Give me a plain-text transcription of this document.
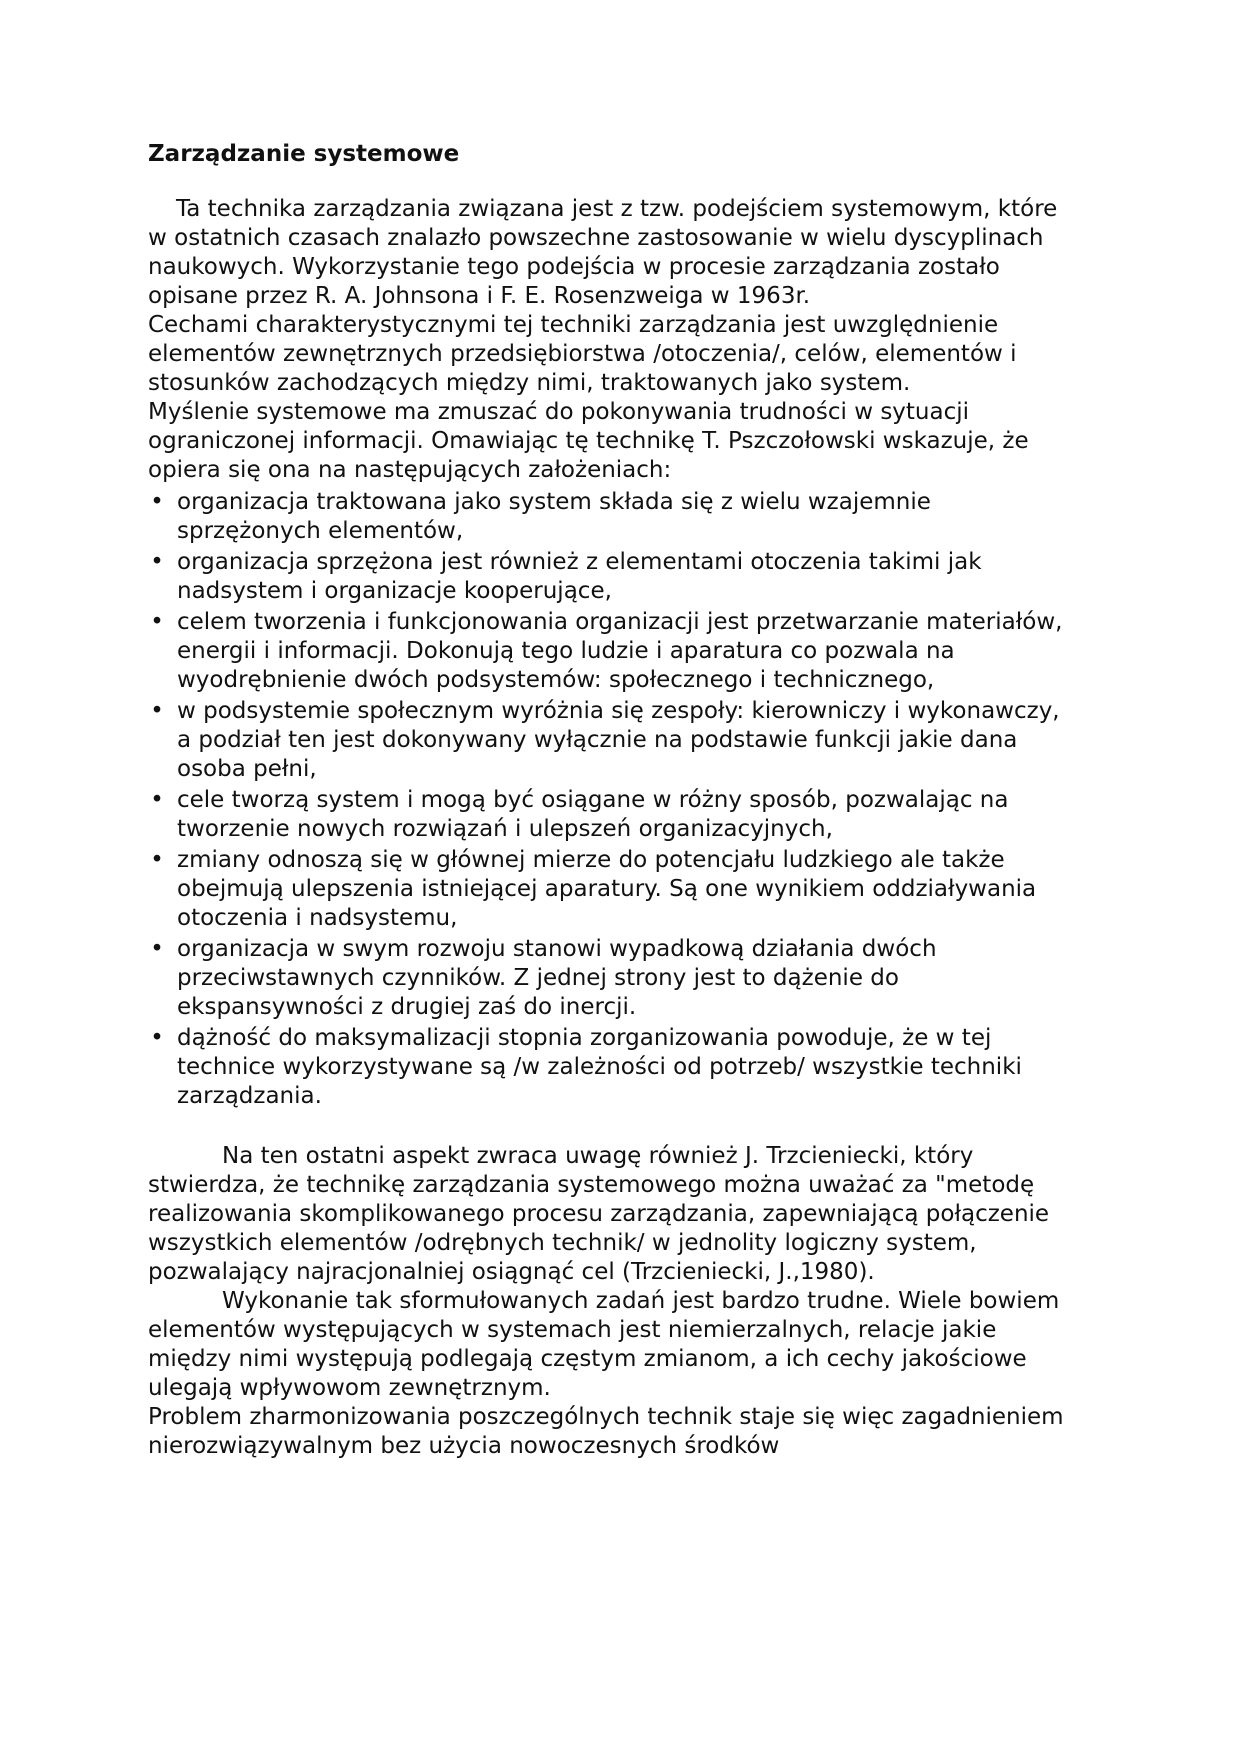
Zarządzanie systemowe

Ta technika zarządzania związana jest z tzw. podejściem systemowym, które w ostatnich czasach znalazło powszechne zastosowanie w wielu dyscyplinach naukowych. Wykorzystanie tego podejścia w procesie zarządzania zostało opisane przez R. A. Johnsona i F. E. Rosenzweiga w 1963r.

Cechami charakterystycznymi tej techniki zarządzania jest uwzględnienie elementów zewnętrznych przedsiębiorstwa /otoczenia/, celów, elementów i stosunków zachodzących między nimi, traktowanych jako system.

Myślenie systemowe ma zmuszać do pokonywania trudności w sytuacji ograniczonej informacji. Omawiając tę technikę T. Pszczołowski wskazuje, że opiera się ona na następujących założeniach:

• organizacja traktowana jako system składa się z wielu wzajemnie sprzężonych elementów,
• organizacja sprzężona jest również z elementami otoczenia takimi jak nadsystem i organizacje kooperujące,
• celem tworzenia i funkcjonowania organizacji jest przetwarzanie materiałów, energii i informacji. Dokonują tego ludzie i aparatura co pozwala na wyodrębnienie dwóch podsystemów: społecznego i technicznego,
• w podsystemie społecznym wyróżnia się zespoły: kierowniczy i wykonawczy, a podział ten jest dokonywany wyłącznie na podstawie funkcji jakie dana osoba pełni,
• cele tworzą system i mogą być osiągane w różny sposób, pozwalając na tworzenie nowych rozwiązań i ulepszeń organizacyjnych,
• zmiany odnoszą się w głównej mierze do potencjału ludzkiego ale także obejmują ulepszenia istniejącej aparatury. Są one wynikiem oddziaływania otoczenia i nadsystemu,
• organizacja w swym rozwoju stanowi wypadkową działania dwóch przeciwstawnych czynników. Z jednej strony jest to dążenie do ekspansywności z drugiej zaś do inercji.
• dążność do maksymalizacji stopnia zorganizowania powoduje, że w tej technice wykorzystywane są /w zależności od potrzeb/ wszystkie techniki zarządzania.

Na ten ostatni aspekt zwraca uwagę również J. Trzcieniecki, który stwierdza, że technikę zarządzania systemowego można uważać za "metodę realizowania skomplikowanego procesu zarządzania, zapewniającą połączenie wszystkich elementów /odrębnych technik/ w jednolity logiczny system, pozwalający najracjonalniej osiągnąć cel (Trzcieniecki, J.,1980).

Wykonanie tak sformułowanych zadań jest bardzo trudne. Wiele bowiem elementów występujących w systemach jest niemierzalnych, relacje jakie między nimi występują podlegają częstym zmianom, a ich cechy jakościowe ulegają wpływowom zewnętrznym.

Problem zharmonizowania poszczególnych technik staje się więc zagadnieniem nierozwiązywalnym bez użycia nowoczesnych środków
